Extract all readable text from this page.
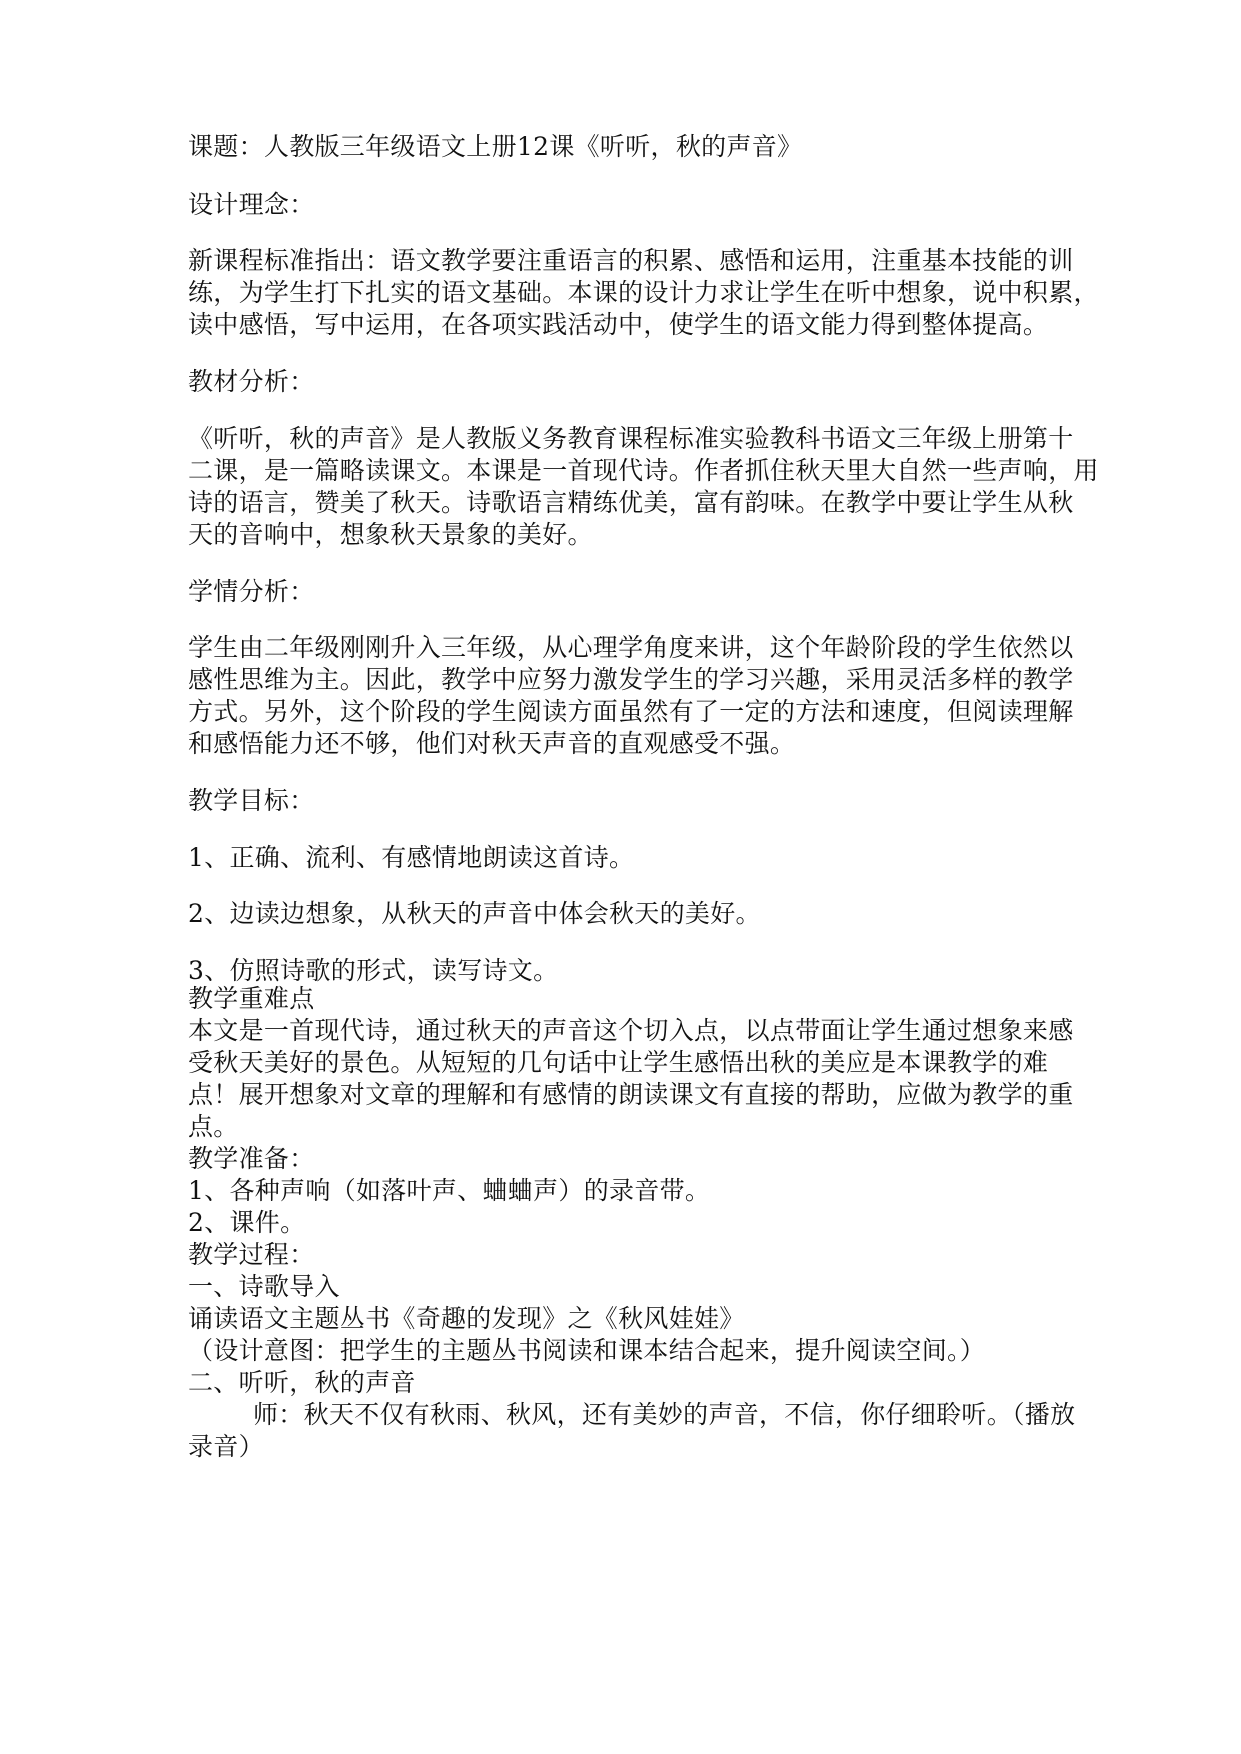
课题：人教版三年级语文上册12课《听听，秋的声音》
设计理念：
新课程标准指出：语文教学要注重语言的积累、感悟和运用，注重基本技能的训
练，为学生打下扎实的语文基础。本课的设计力求让学生在听中想象，说中积累，
读中感悟，写中运用，在各项实践活动中，使学生的语文能力得到整体提高。
教材分析：
《听听，秋的声音》是人教版义务教育课程标准实验教科书语文三年级上册第十
二课，是一篇略读课文。本课是一首现代诗。作者抓住秋天里大自然一些声响，用
诗的语言，赞美了秋天。诗歌语言精练优美，富有韵味。在教学中要让学生从秋
天的音响中，想象秋天景象的美好。
学情分析：
学生由二年级刚刚升入三年级，从心理学角度来讲，这个年龄阶段的学生依然以
感性思维为主。因此，教学中应努力激发学生的学习兴趣，采用灵活多样的教学
方式。另外，这个阶段的学生阅读方面虽然有了一定的方法和速度，但阅读理解
和感悟能力还不够，他们对秋天声音的直观感受不强。
教学目标：
1、正确、流利、有感情地朗读这首诗。
2、边读边想象，从秋天的声音中体会秋天的美好。
3、仿照诗歌的形式，读写诗文。
教学重难点
本文是一首现代诗，通过秋天的声音这个切入点，以点带面让学生通过想象来感
受秋天美好的景色。从短短的几句话中让学生感悟出秋的美应是本课教学的难
点！展开想象对文章的理解和有感情的朗读课文有直接的帮助，应做为教学的重
点。
教学准备：
1、各种声响（如落叶声、蛐蛐声）的录音带。
2、课件。
教学过程：
一、诗歌导入
诵读语文主题丛书《奇趣的发现》之《秋风娃娃》
（设计意图：把学生的主题丛书阅读和课本结合起来，提升阅读空间。）
二、听听，秋的声音
师：秋天不仅有秋雨、秋风，还有美妙的声音，不信，你仔细聆听。（播放
录音）
